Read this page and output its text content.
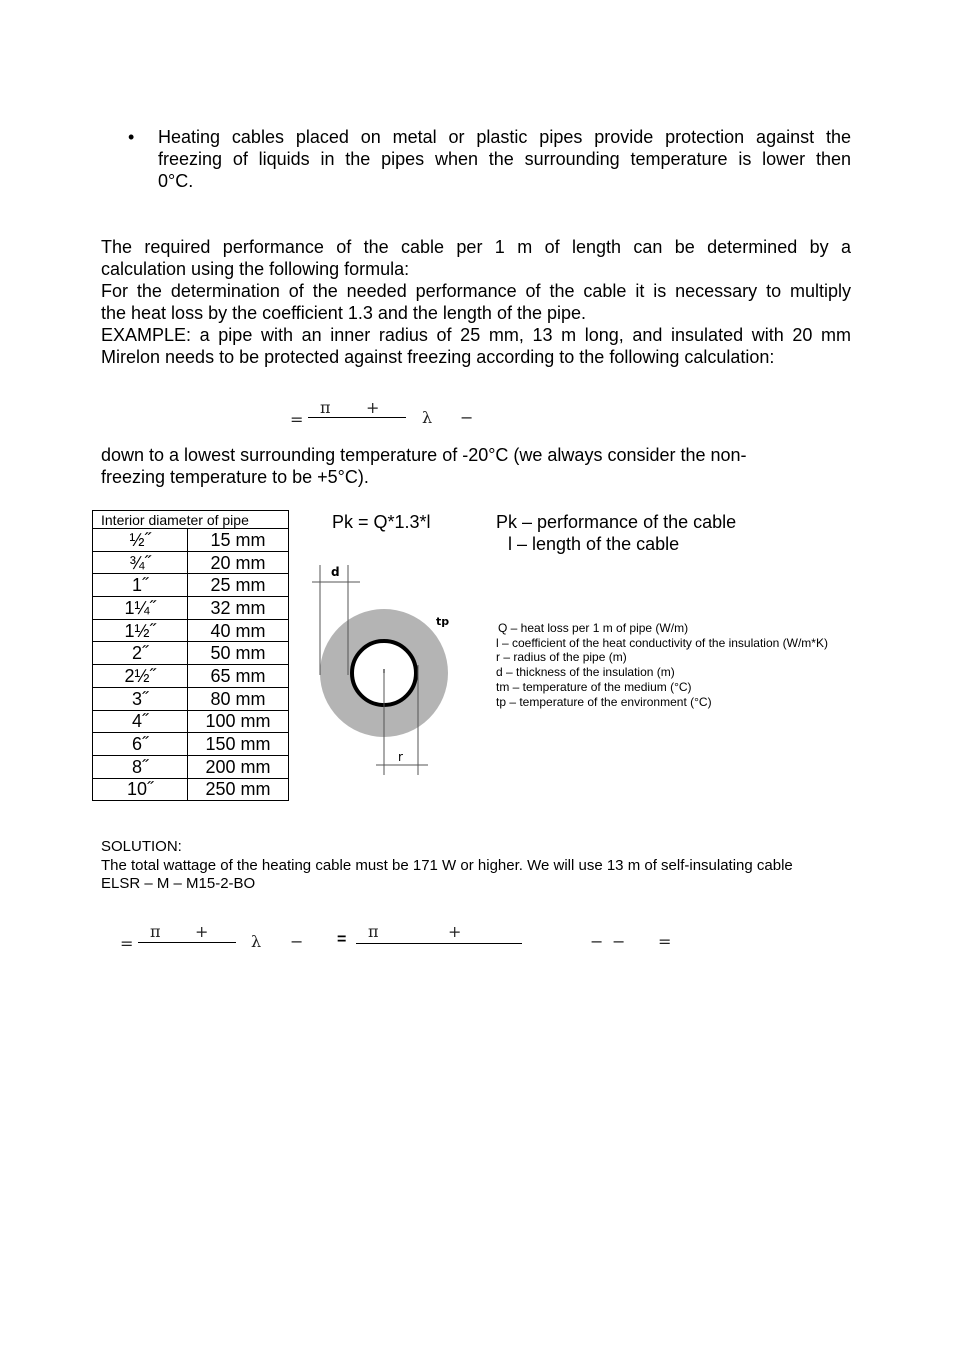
• Heating cables placed on metal or plastic pipes provide protection against the
freezing of liquids in the pipes when the surrounding temperature is lower then
0°C.
The required performance of the cable per 1 m of length can be determined by a
calculation using the following formula:
For the determination of the needed performance of the cable it is necessary to multiply
the heat loss by the coefficient 1.3 and the length of the pipe.
EXAMPLE: a pipe with an inner radius of 25 mm, 13 m long, and insulated with 20 mm
Mirelon needs to be protected against freezing according to the following calculation:
=
π +
λ −
down to a lowest surrounding temperature of -20°C (we always consider the non-
freezing temperature to be +5°C).
Interior diameter of pipe	
½˝	15 mm
¾˝	20 mm
1˝	25 mm
1¼˝	32 mm
1½˝	40 mm
2˝	50 mm
2½˝	65 mm
3˝	80 mm
4˝	100 mm
6˝	150 mm
8˝	200 mm
10˝	250 mm
Pk = Q*1.3*l	Pk – performance of the cable
l – length of the cable
d
tp
r
Q – heat loss per 1 m of pipe (W/m)
l – coefficient of the heat conductivity of the insulation (W/m*K)
r – radius of the pipe (m)
d – thickness of the insulation (m)
tm – temperature of the medium (°C)
tp – temperature of the environment (°C)
SOLUTION:
The total wattage of the heating cable must be 171 W or higher. We will use 13 m of self-insulating cable
ELSR – M – M15-2-BO
=
π +
λ − = π	+
− − =
